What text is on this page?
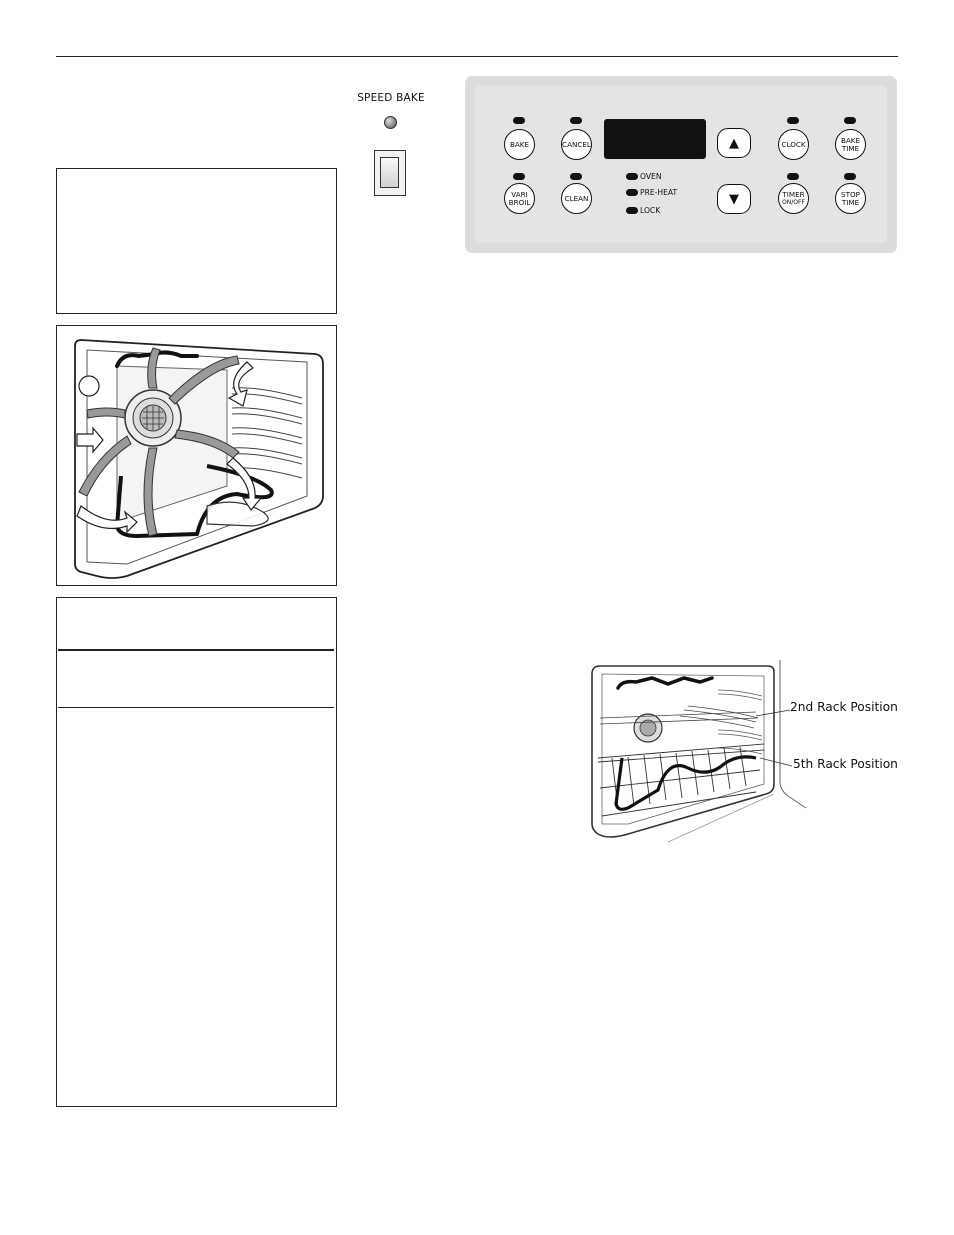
SPEED BAKE
BAKE	CANCEL	CLOCK	BAKE
TIME
VARI
BROIL	CLEAN	TIMER
ON/OFF
STOP
TIME
▲
▼
OVEN
PRE-HEAT
LOCK
2nd Rack Position
5th Rack Position
